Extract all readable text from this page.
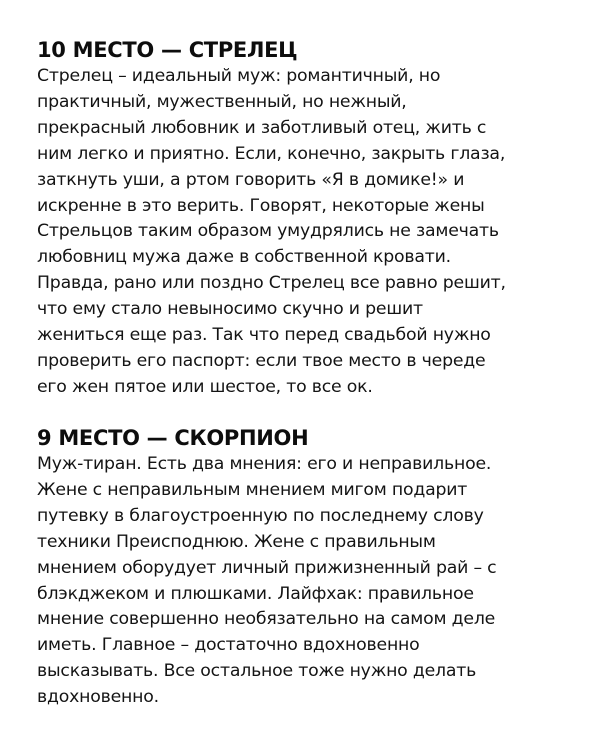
10 МЕСТО — СТРЕЛЕЦ
Стрелец – идеальный муж: романтичный, но
практичный, мужественный, но нежный,
прекрасный любовник и заботливый отец, жить с
ним легко и приятно. Если, конечно, закрыть глаза,
заткнуть уши, а ртом говорить «Я в домике!» и
искренне в это верить. Говорят, некоторые жены
Стрельцов таким образом умудрялись не замечать
любовниц мужа даже в собственной кровати.
Правда, рано или поздно Стрелец все равно решит,
что ему стало невыносимо скучно и решит
жениться еще раз. Так что перед свадьбой нужно
проверить его паспорт: если твое место в череде
его жен пятое или шестое, то все ок.
9 МЕСТО — СКОРПИОН
Муж-тиран. Есть два мнения: его и неправильное.
Жене с неправильным мнением мигом подарит
путевку в благоустроенную по последнему слову
техники Преисподнюю. Жене с правильным
мнением оборудует личный прижизненный рай – с
блэкджеком и плюшками. Лайфхак: правильное
мнение совершенно необязательно на самом деле
иметь. Главное – достаточно вдохновенно
высказывать. Все остальное тоже нужно делать
вдохновенно.
